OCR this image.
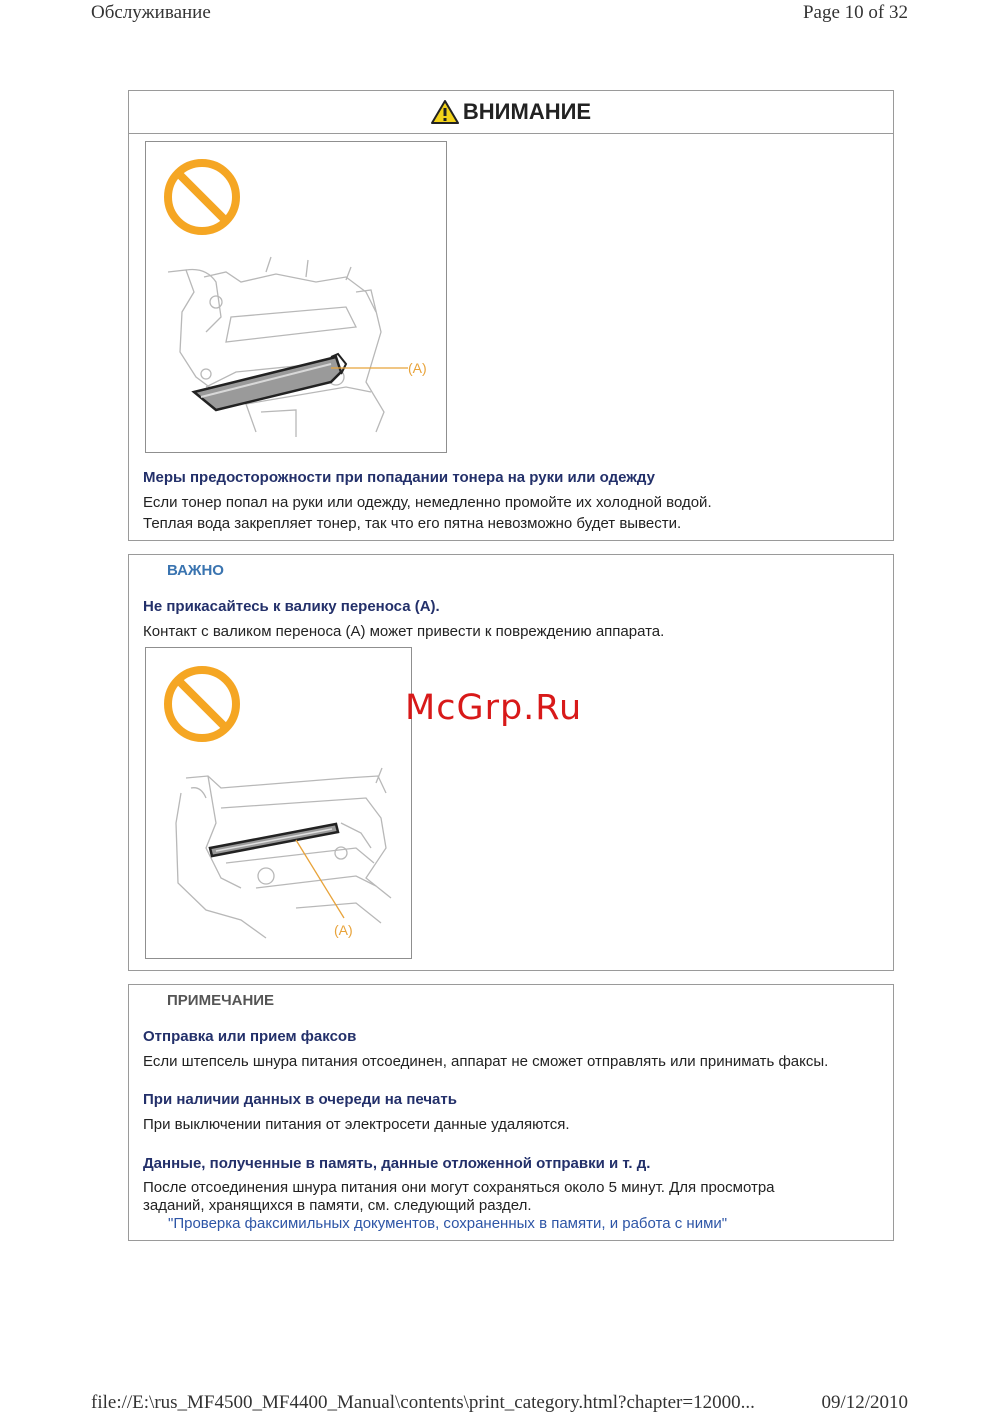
Обслуживание	Page 10 of 32
ВНИМАНИЕ
(A)
Меры предосторожности при попадании тонера на руки или одежду
Если тонер попал на руки или одежду, немедленно промойте их холодной водой.
Теплая вода закрепляет тонер, так что его пятна невозможно будет вывести.
ВАЖНО
Не прикасайтесь к валику переноса (A).
Контакт с валиком переноса (A) может привести к повреждению аппарата.
(A)
McGrp.Ru
ПРИМЕЧАНИЕ
Отправка или прием факсов
Если штепсель шнура питания отсоединен, аппарат не сможет отправлять или принимать факсы.
При наличии данных в очереди на печать
При выключении питания от электросети данные удаляются.
Данные, полученные в память, данные отложенной отправки и т. д.
После отсоединения шнура питания они могут сохраняться около 5 минут. Для просмотра
заданий, хранящихся в памяти, см. следующий раздел.
"Проверка факсимильных документов, сохраненных в памяти, и работа с ними"
file://E:\rus_MF4500_MF4400_Manual\contents\print_category.html?chapter=12000...	09/12/2010
